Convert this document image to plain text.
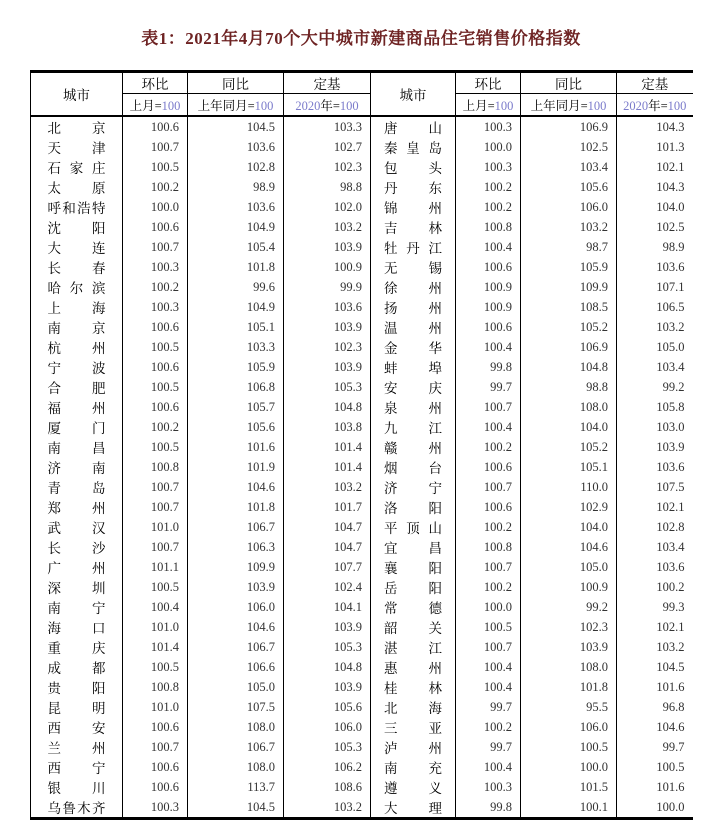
表1：2021年4月70个大中城市新建商品住宅销售价格指数
城市	环比	同比	定基	城市	环比	同比	定基
	上月=100	上年同月=100	2020年=100		上月=100	上年同月=100	2020年=100

北 京	100.6	104.5	103.3	唐 山	100.3	106.9	104.3

天 津	100.7	103.6	102.7	秦 皇 岛	100.0	102.5	101.3

石 家 庄	100.5	102.8	102.3	包 头	100.3	103.4	102.1

太 原	100.2	98.9	98.8	丹 东	100.2	105.6	104.3

呼 和 浩 特	100.0	103.6	102.0	锦 州	100.2	106.0	104.0

沈 阳	100.6	104.9	103.2	吉 林	100.8	103.2	102.5

大 连	100.7	105.4	103.9	牡 丹 江	100.4	98.7	98.9

长 春	100.3	101.8	100.9	无 锡	100.6	105.9	103.6

哈 尔 滨	100.2	99.6	99.9	徐 州	100.9	109.9	107.1

上 海	100.3	104.9	103.6	扬 州	100.9	108.5	106.5

南 京	100.6	105.1	103.9	温 州	100.6	105.2	103.2

杭 州	100.5	103.3	102.3	金 华	100.4	106.9	105.0

宁 波	100.6	105.9	103.9	蚌 埠	99.8	104.8	103.4

合 肥	100.5	106.8	105.3	安 庆	99.7	98.8	99.2

福 州	100.6	105.7	104.8	泉 州	100.7	108.0	105.8

厦 门	100.2	105.6	103.8	九 江	100.4	104.0	103.0

南 昌	100.5	101.6	101.4	赣 州	100.2	105.2	103.9

济 南	100.8	101.9	101.4	烟 台	100.6	105.1	103.6

青 岛	100.7	104.6	103.2	济 宁	100.7	110.0	107.5

郑 州	100.7	101.8	101.7	洛 阳	100.6	102.9	102.1

武 汉	101.0	106.7	104.7	平 顶 山	100.2	104.0	102.8

长 沙	100.7	106.3	104.7	宜 昌	100.8	104.6	103.4

广 州	101.1	109.9	107.7	襄 阳	100.7	105.0	103.6

深 圳	100.5	103.9	102.4	岳 阳	100.2	100.9	100.2

南 宁	100.4	106.0	104.1	常 德	100.0	99.2	99.3

海 口	101.0	104.6	103.9	韶 关	100.5	102.3	102.1

重 庆	101.4	106.7	105.3	湛 江	100.7	103.9	103.2

成 都	100.5	106.6	104.8	惠 州	100.4	108.0	104.5

贵 阳	100.8	105.0	103.9	桂 林	100.4	101.8	101.6

昆 明	101.0	107.5	105.6	北 海	99.7	95.5	96.8

西 安	100.6	108.0	106.0	三 亚	100.2	106.0	104.6

兰 州	100.7	106.7	105.3	泸 州	99.7	100.5	99.7

西 宁	100.6	108.0	106.2	南 充	100.4	100.0	100.5

银 川	100.6	113.7	108.6	遵 义	100.3	101.5	101.6

乌 鲁 木 齐	100.3	104.5	103.2	大 理	99.8	100.1	100.0
